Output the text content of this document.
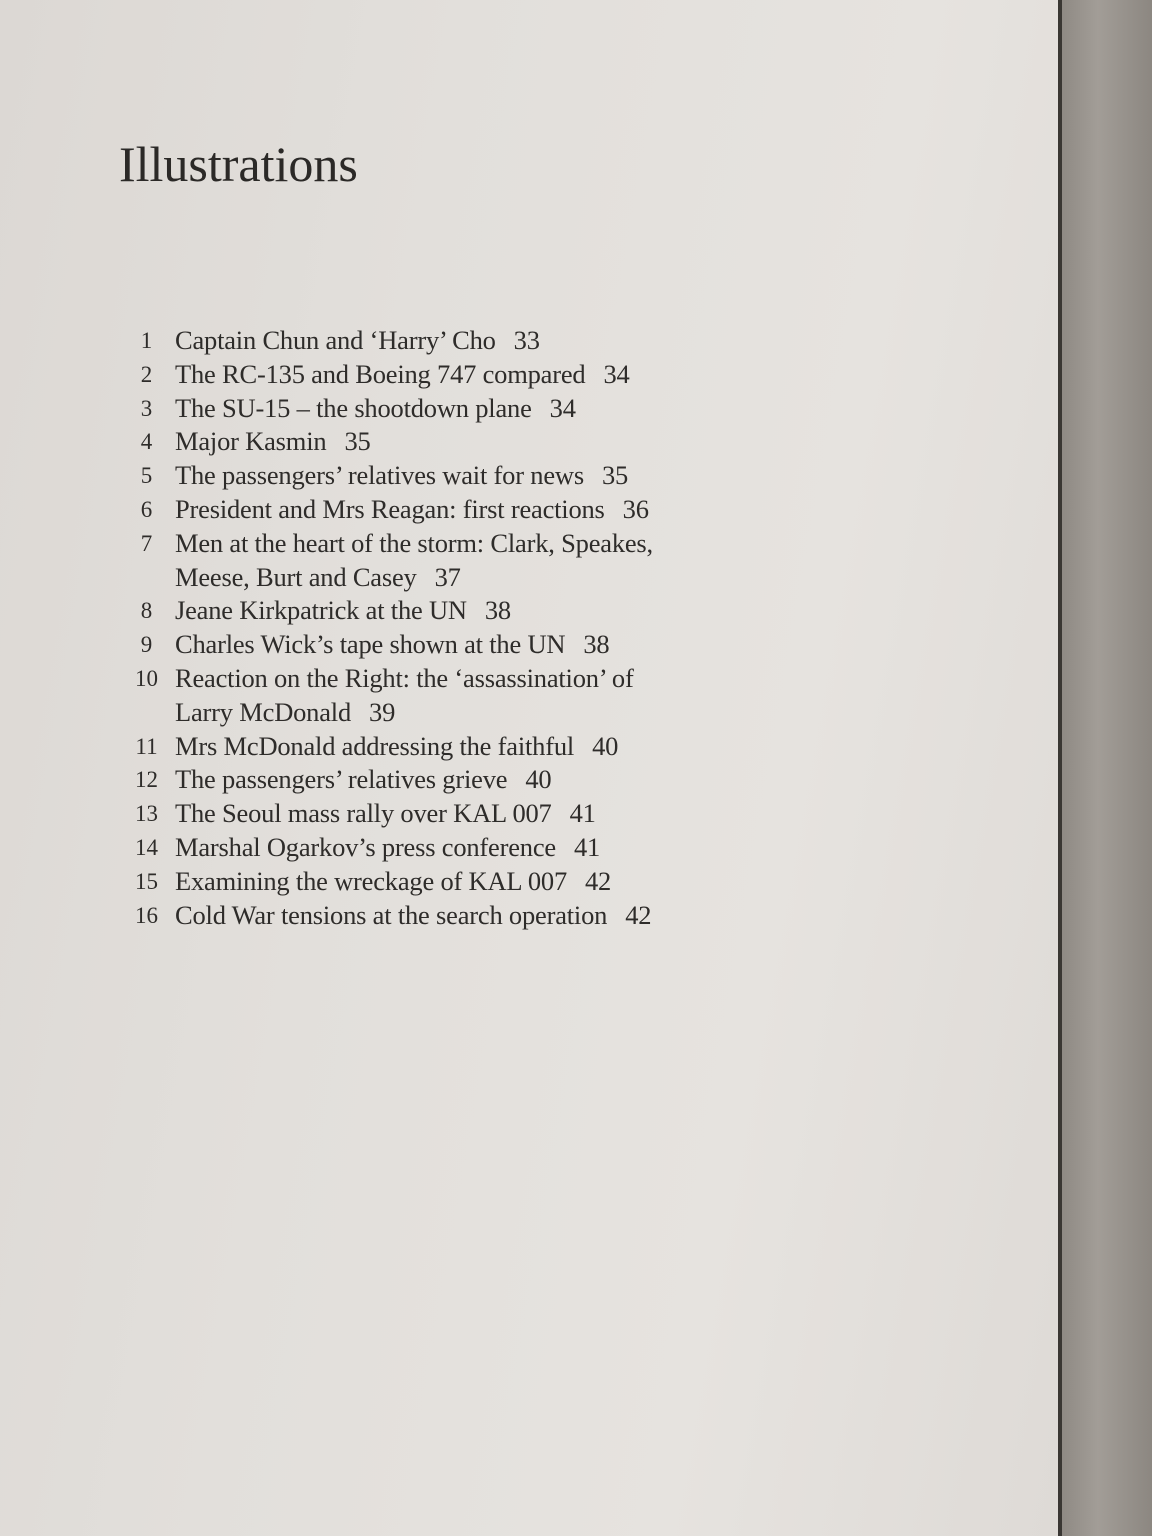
Illustrations
1 Captain Chun and ‘Harry’ Cho 33
2 The RC-135 and Boeing 747 compared 34
3 The SU-15 – the shootdown plane 34
4 Major Kasmin 35
5 The passengers’ relatives wait for news 35
6 President and Mrs Reagan: first reactions 36
7 Men at the heart of the storm: Clark, Speakes, Meese, Burt and Casey 37
8 Jeane Kirkpatrick at the UN 38
9 Charles Wick’s tape shown at the UN 38
10 Reaction on the Right: the ‘assassination’ of Larry McDonald 39
11 Mrs McDonald addressing the faithful 40
12 The passengers’ relatives grieve 40
13 The Seoul mass rally over KAL 007 41
14 Marshal Ogarkov’s press conference 41
15 Examining the wreckage of KAL 007 42
16 Cold War tensions at the search operation 42
